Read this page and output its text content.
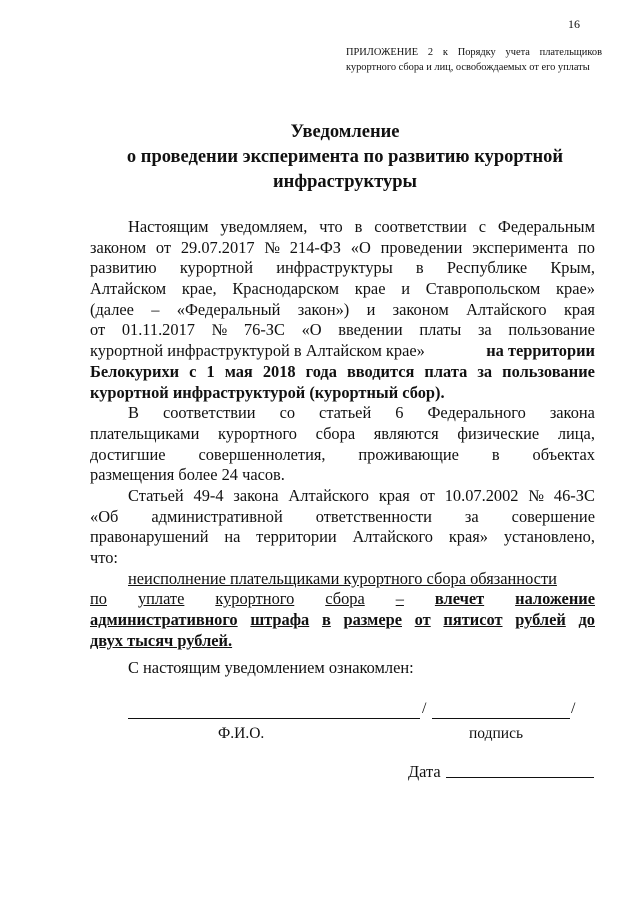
16
ПРИЛОЖЕНИЕ 2 к Порядку учета плательщиков курортного сбора и лиц, освобождаемых от его уплаты
Уведомление
о проведении эксперимента по развитию курортной
инфраструктуры
Настоящим уведомляем, что в соответствии с Федеральным
законом от 29.07.2017 № 214-ФЗ «О проведении эксперимента по
развитию курортной инфраструктуры в Республике Крым,
Алтайском крае, Краснодарском крае и Ставропольском крае»
(далее – «Федеральный закон») и законом Алтайского края
от 01.11.2017 № 76-ЗС «О введении платы за пользование
курортной инфраструктурой в Алтайском крае»	на территории
Белокурихи с 1 мая 2018 года вводится плата за пользование
курортной инфраструктурой (курортный сбор).
В соответствии со статьей 6 Федерального закона
плательщиками курортного сбора являются физические лица,
достигшие совершеннолетия, проживающие в объектах
размещения более 24 часов.
Статьей 49-4 закона Алтайского края от 10.07.2002 № 46-ЗС
«Об административной ответственности за совершение
правонарушений на территории Алтайского края» установлено,
что:
неисполнение плательщиками курортного сбора обязанности
по уплате курортного сбора – влечет наложение
административного штрафа в размере от пятисот рублей до
двух тысяч рублей.
С настоящим уведомлением ознакомлен:
/	/
Ф.И.О.	подпись
Дата
